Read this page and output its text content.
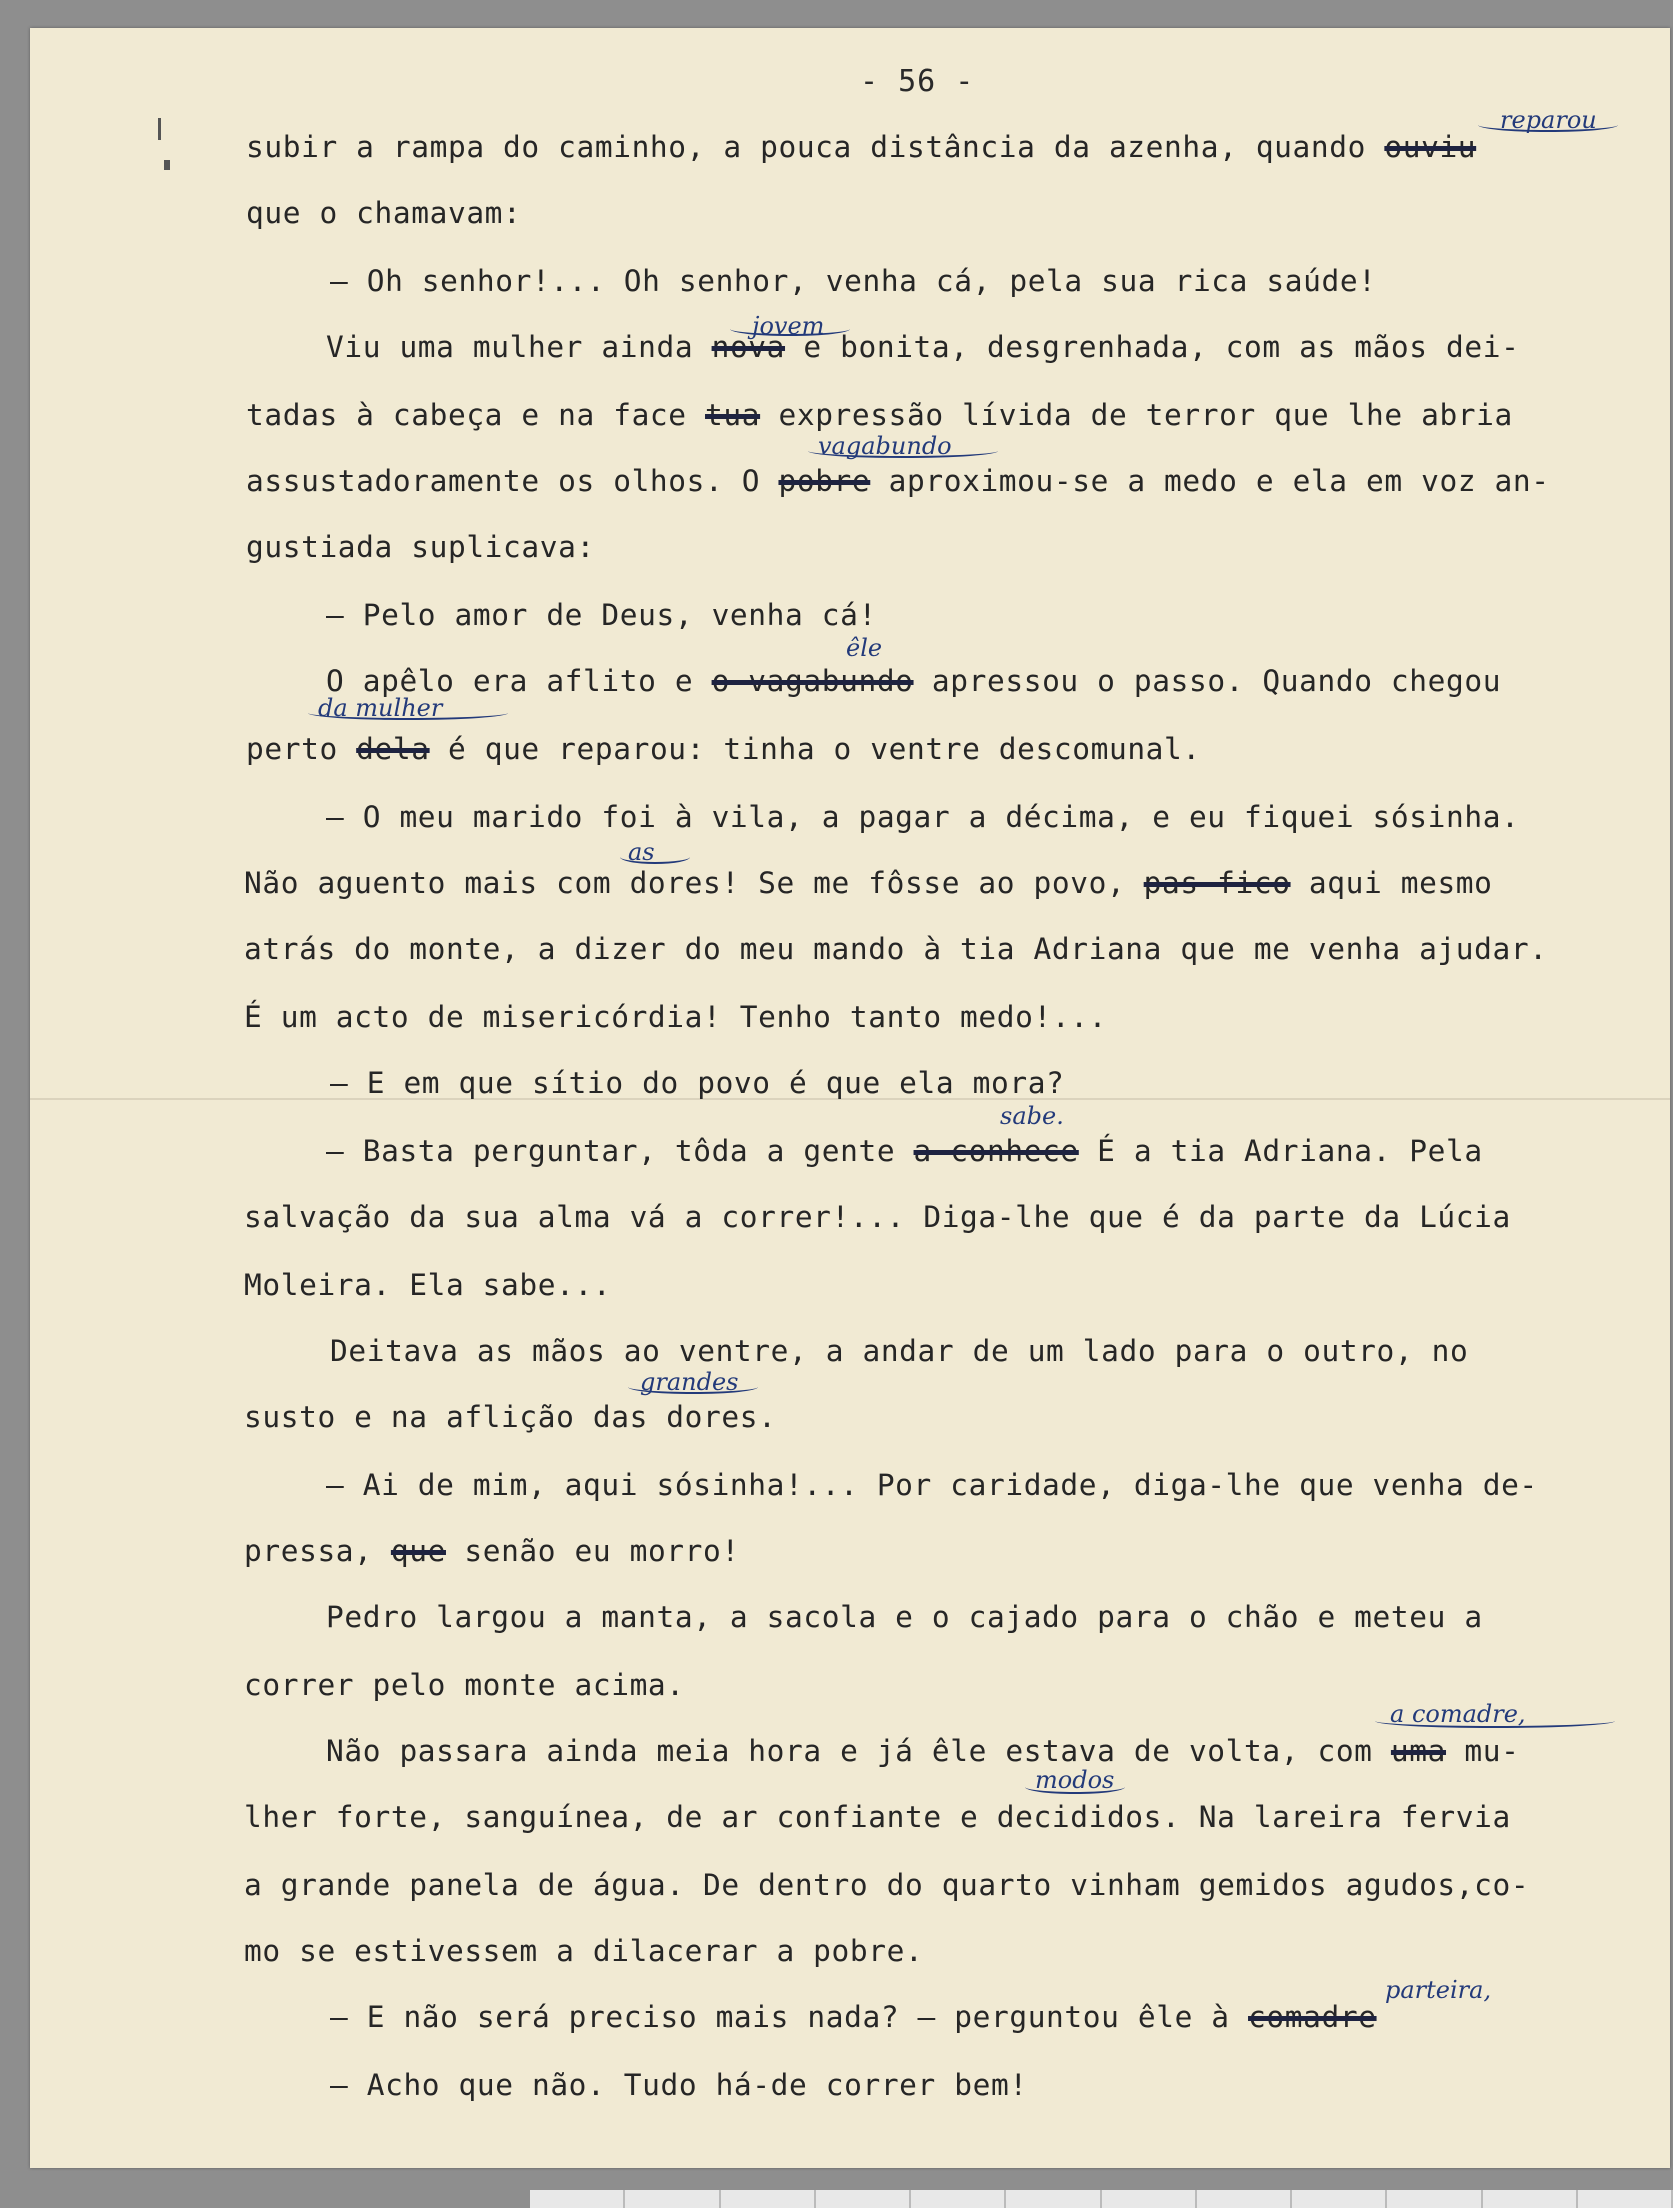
- 56 -
subir a rampa do caminho, a pouca distância da azenha, quando ouviu
que o chamavam:
— Oh senhor!... Oh senhor, venha cá, pela sua rica saúde!
Viu uma mulher ainda nova e bonita, desgrenhada, com as mãos dei-
tadas à cabeça e na face tua expressão lívida de terror que lhe abria
assustadoramente os olhos. O pobre aproximou-se a medo e ela em voz an-
gustiada suplicava:
— Pelo amor de Deus, venha cá!
O apêlo era aflito e o vagabundo apressou o passo. Quando chegou
perto dela é que reparou: tinha o ventre descomunal.
— O meu marido foi à vila, a pagar a décima, e eu fiquei sósinha.
Não aguento mais com dores! Se me fôsse ao povo, pas-fico aqui mesmo
atrás do monte, a dizer do meu mando à tia Adriana que me venha ajudar.
É um acto de misericórdia! Tenho tanto medo!...
— E em que sítio do povo é que ela mora?
— Basta perguntar, tôda a gente a conhece É a tia Adriana. Pela
salvação da sua alma vá a correr!... Diga-lhe que é da parte da Lúcia
Moleira. Ela sabe...
Deitava as mãos ao ventre, a andar de um lado para o outro, no
susto e na aflição das dores.
— Ai de mim, aqui sósinha!... Por caridade, diga-lhe que venha de-
pressa, que senão eu morro!
Pedro largou a manta, a sacola e o cajado para o chão e meteu a
correr pelo monte acima.
Não passara ainda meia hora e já êle estava de volta, com uma mu-
lher forte, sanguínea, de ar confiante e decididos. Na lareira fervia
a grande panela de água. De dentro do quarto vinham gemidos agudos,co-
mo se estivessem a dilacerar a pobre.
— E não será preciso mais nada? — perguntou êle à comadre
— Acho que não. Tudo há-de correr bem!
reparou
jovem
vagabundo
êle
da mulher
as
sabe.
grandes
a comadre,
modos
parteira,
